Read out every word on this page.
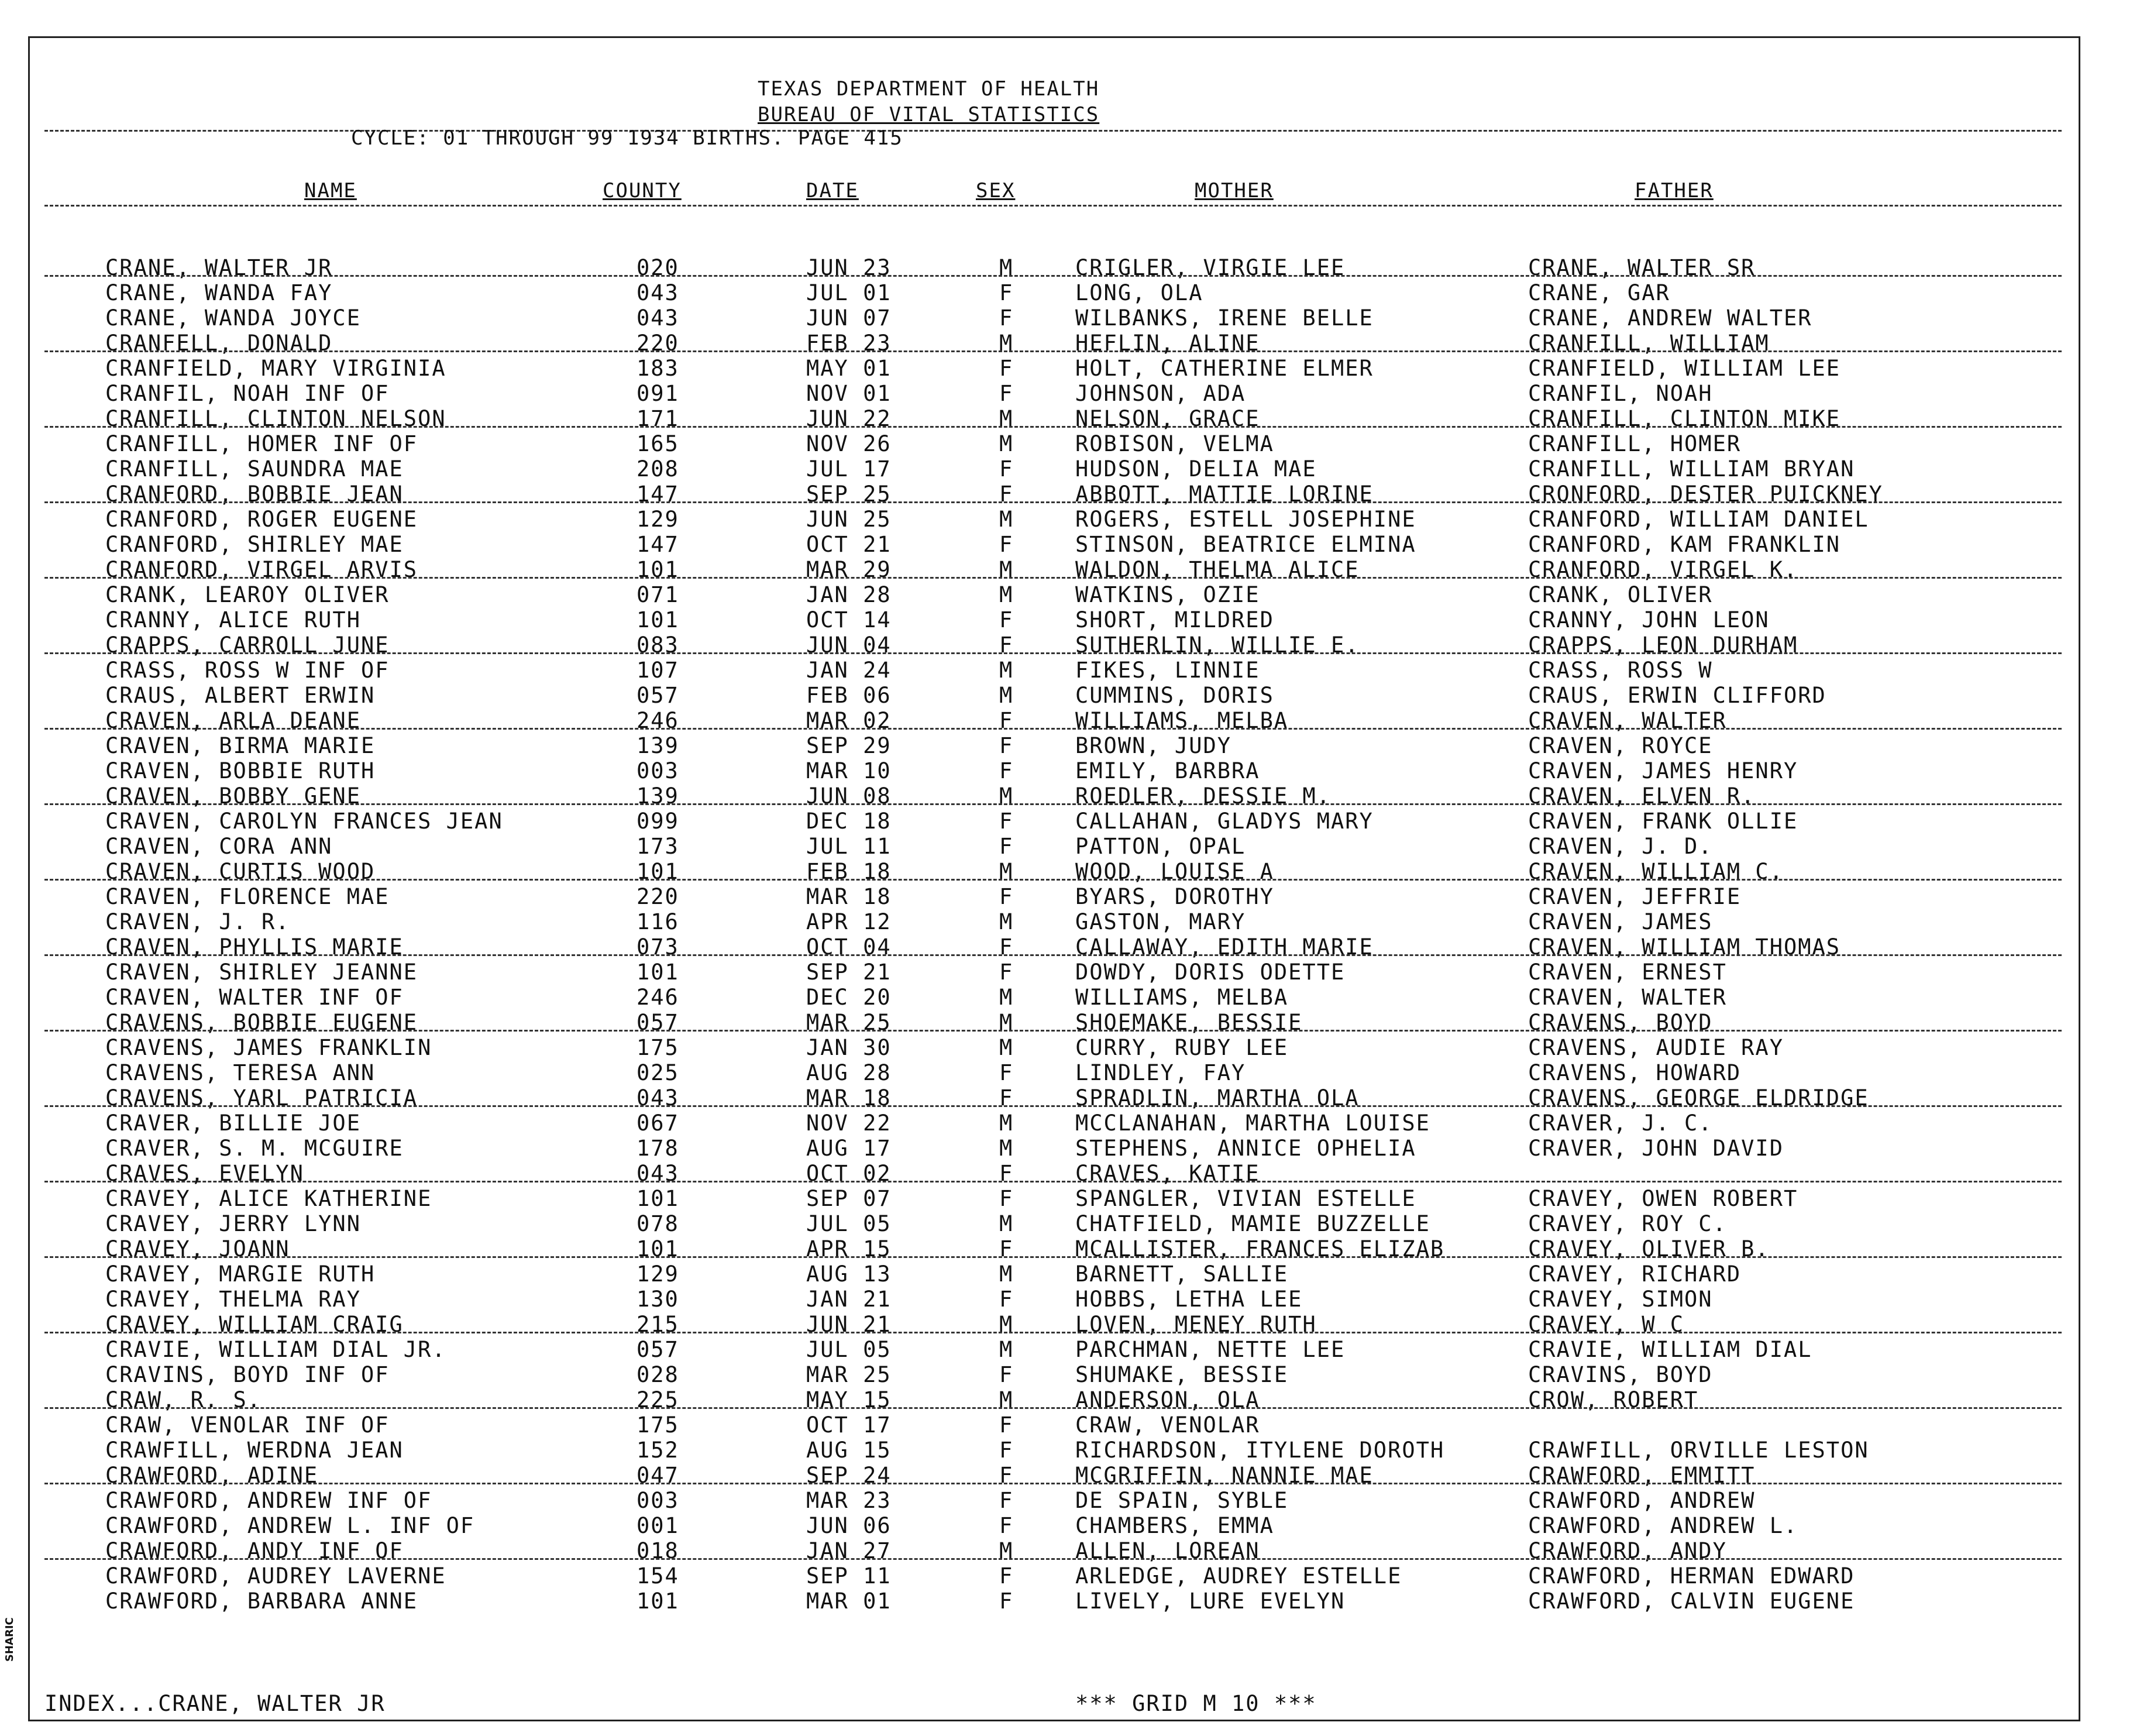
TEXAS DEPARTMENT OF HEALTH
BUREAU OF VITAL STATISTICS
CYCLE: 01 THROUGH 99 1934 BIRTHS. PAGE 415
NAME	COUNTY	DATE	SEX	MOTHER	FATHER
CRANE, WALTER JR	020	JUN 23	M	CRIGLER, VIRGIE LEE	CRANE, WALTER SR
CRANE, WANDA FAY	043	JUL 01	F	LONG, OLA	CRANE, GAR
CRANE, WANDA JOYCE	043	JUN 07	F	WILBANKS, IRENE BELLE	CRANE, ANDREW WALTER
CRANFELL, DONALD	220	FEB 23	M	HEFLIN, ALINE	CRANFILL, WILLIAM
CRANFIELD, MARY VIRGINIA	183	MAY 01	F	HOLT, CATHERINE ELMER	CRANFIELD, WILLIAM LEE
CRANFIL, NOAH INF OF	091	NOV 01	F	JOHNSON, ADA	CRANFIL, NOAH
CRANFILL, CLINTON NELSON	171	JUN 22	M	NELSON, GRACE	CRANFILL, CLINTON MIKE
CRANFILL, HOMER INF OF	165	NOV 26	M	ROBISON, VELMA	CRANFILL, HOMER
CRANFILL, SAUNDRA MAE	208	JUL 17	F	HUDSON, DELIA MAE	CRANFILL, WILLIAM BRYAN
CRANFORD, BOBBIE JEAN	147	SEP 25	F	ABBOTT, MATTIE LORINE	CRONFORD, DESTER PUICKNEY
CRANFORD, ROGER EUGENE	129	JUN 25	M	ROGERS, ESTELL JOSEPHINE	CRANFORD, WILLIAM DANIEL
CRANFORD, SHIRLEY MAE	147	OCT 21	F	STINSON, BEATRICE ELMINA	CRANFORD, KAM FRANKLIN
CRANFORD, VIRGEL ARVIS	101	MAR 29	M	WALDON, THELMA ALICE	CRANFORD, VIRGEL K.
CRANK, LEAROY OLIVER	071	JAN 28	M	WATKINS, OZIE	CRANK, OLIVER
CRANNY, ALICE RUTH	101	OCT 14	F	SHORT, MILDRED	CRANNY, JOHN LEON
CRAPPS, CARROLL JUNE	083	JUN 04	F	SUTHERLIN, WILLIE E.	CRAPPS, LEON DURHAM
CRASS, ROSS W INF OF	107	JAN 24	M	FIKES, LINNIE	CRASS, ROSS W
CRAUS, ALBERT ERWIN	057	FEB 06	M	CUMMINS, DORIS	CRAUS, ERWIN CLIFFORD
CRAVEN, ARLA DEANE	246	MAR 02	F	WILLIAMS, MELBA	CRAVEN, WALTER
CRAVEN, BIRMA MARIE	139	SEP 29	F	BROWN, JUDY	CRAVEN, ROYCE
CRAVEN, BOBBIE RUTH	003	MAR 10	F	EMILY, BARBRA	CRAVEN, JAMES HENRY
CRAVEN, BOBBY GENE	139	JUN 08	M	ROEDLER, DESSIE M.	CRAVEN, ELVEN R.
CRAVEN, CAROLYN FRANCES JEAN	099	DEC 18	F	CALLAHAN, GLADYS MARY	CRAVEN, FRANK OLLIE
CRAVEN, CORA ANN	173	JUL 11	F	PATTON, OPAL	CRAVEN, J. D.
CRAVEN, CURTIS WOOD	101	FEB 18	M	WOOD, LOUISE A	CRAVEN, WILLIAM C.
CRAVEN, FLORENCE MAE	220	MAR 18	F	BYARS, DOROTHY	CRAVEN, JEFFRIE
CRAVEN, J. R.	116	APR 12	M	GASTON, MARY	CRAVEN, JAMES
CRAVEN, PHYLLIS MARIE	073	OCT 04	F	CALLAWAY, EDITH MARIE	CRAVEN, WILLIAM THOMAS
CRAVEN, SHIRLEY JEANNE	101	SEP 21	F	DOWDY, DORIS ODETTE	CRAVEN, ERNEST
CRAVEN, WALTER INF OF	246	DEC 20	M	WILLIAMS, MELBA	CRAVEN, WALTER
CRAVENS, BOBBIE EUGENE	057	MAR 25	M	SHOEMAKE, BESSIE	CRAVENS, BOYD
CRAVENS, JAMES FRANKLIN	175	JAN 30	M	CURRY, RUBY LEE	CRAVENS, AUDIE RAY
CRAVENS, TERESA ANN	025	AUG 28	F	LINDLEY, FAY	CRAVENS, HOWARD
CRAVENS, YARL PATRICIA	043	MAR 18	F	SPRADLIN, MARTHA OLA	CRAVENS, GEORGE ELDRIDGE
CRAVER, BILLIE JOE	067	NOV 22	M	MCCLANAHAN, MARTHA LOUISE	CRAVER, J. C.
CRAVER, S. M. MCGUIRE	178	AUG 17	M	STEPHENS, ANNICE OPHELIA	CRAVER, JOHN DAVID
CRAVES, EVELYN	043	OCT 02	F	CRAVES, KATIE
CRAVEY, ALICE KATHERINE	101	SEP 07	F	SPANGLER, VIVIAN ESTELLE	CRAVEY, OWEN ROBERT
CRAVEY, JERRY LYNN	078	JUL 05	M	CHATFIELD, MAMIE BUZZELLE	CRAVEY, ROY C.
CRAVEY, JOANN	101	APR 15	F	MCALLISTER, FRANCES ELIZAB	CRAVEY, OLIVER B.
CRAVEY, MARGIE RUTH	129	AUG 13	M	BARNETT, SALLIE	CRAVEY, RICHARD
CRAVEY, THELMA RAY	130	JAN 21	F	HOBBS, LETHA LEE	CRAVEY, SIMON
CRAVEY, WILLIAM CRAIG	215	JUN 21	M	LOVEN, MENEY RUTH	CRAVEY, W C
CRAVIE, WILLIAM DIAL JR.	057	JUL 05	M	PARCHMAN, NETTE LEE	CRAVIE, WILLIAM DIAL
CRAVINS, BOYD INF OF	028	MAR 25	F	SHUMAKE, BESSIE	CRAVINS, BOYD
CRAW, R. S.	225	MAY 15	M	ANDERSON, OLA	CROW, ROBERT
CRAW, VENOLAR INF OF	175	OCT 17	F	CRAW, VENOLAR
CRAWFILL, WERDNA JEAN	152	AUG 15	F	RICHARDSON, ITYLENE DOROTH	CRAWFILL, ORVILLE LESTON
CRAWFORD, ADINE	047	SEP 24	F	MCGRIFFIN, NANNIE MAE	CRAWFORD, EMMITT
CRAWFORD, ANDREW INF OF	003	MAR 23	F	DE SPAIN, SYBLE	CRAWFORD, ANDREW
CRAWFORD, ANDREW L. INF OF	001	JUN 06	F	CHAMBERS, EMMA	CRAWFORD, ANDREW L.
CRAWFORD, ANDY INF OF	018	JAN 27	M	ALLEN, LOREAN	CRAWFORD, ANDY
CRAWFORD, AUDREY LAVERNE	154	SEP 11	F	ARLEDGE, AUDREY ESTELLE	CRAWFORD, HERMAN EDWARD
CRAWFORD, BARBARA ANNE	101	MAR 01	F	LIVELY, LURE EVELYN	CRAWFORD, CALVIN EUGENE
INDEX...CRANE, WALTER JR	*** GRID M 10 ***
SHARIC
